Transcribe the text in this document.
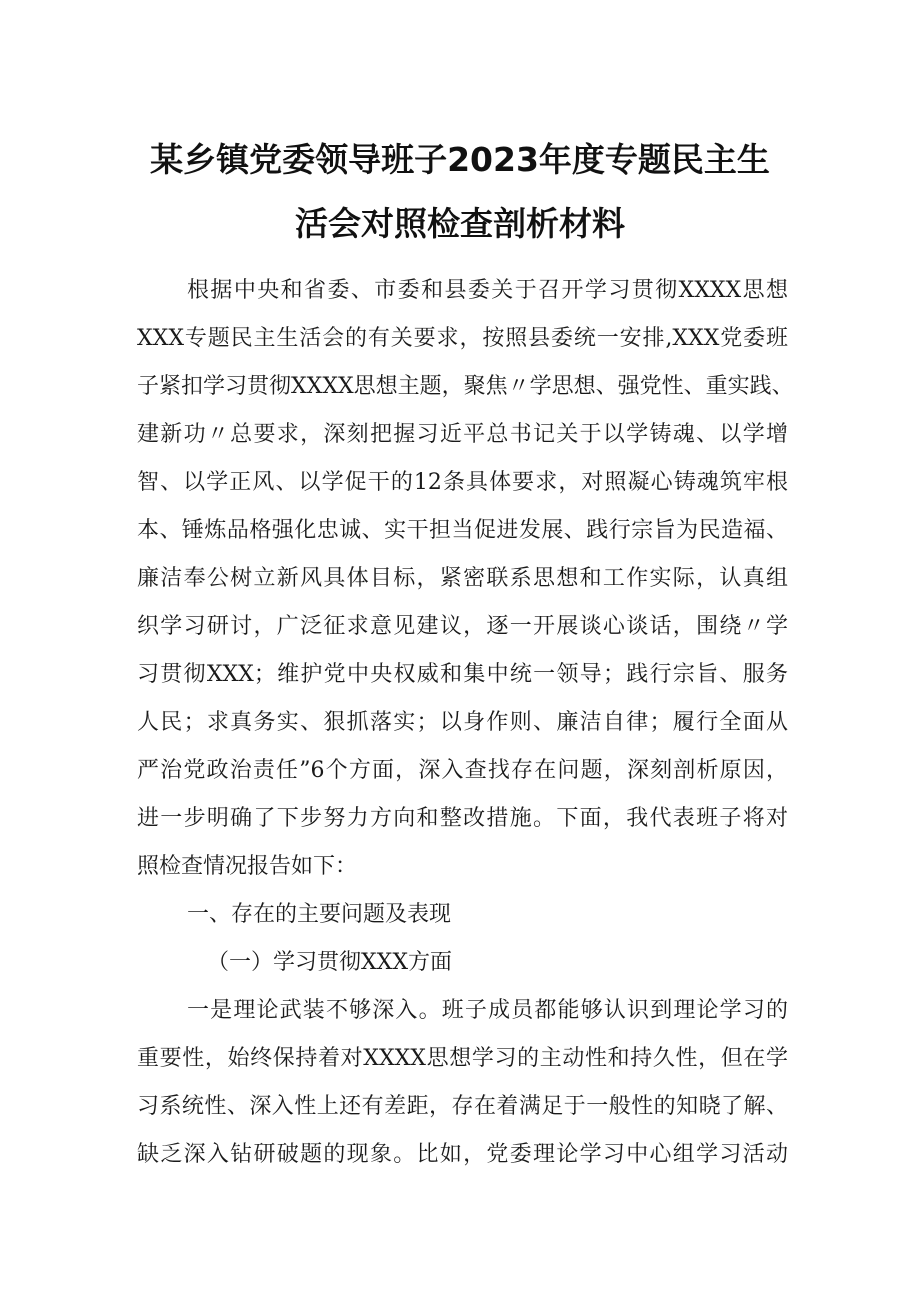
某乡镇党委领导班子2023年度专题民主生
活会对照检查剖析材料
根据中央和省委、市委和县委关于召开学习贯彻XXXX思想
XXX专题民主生活会的有关要求，按照县委统一安排,XXX党委班
子紧扣学习贯彻XXXX思想主题，聚焦〃学思想、强党性、重实践、
建新功〃总要求，深刻把握习近平总书记关于以学铸魂、以学增
智、以学正风、以学促干的12条具体要求，对照凝心铸魂筑牢根
本、锤炼品格强化忠诚、实干担当促进发展、践行宗旨为民造福、
廉洁奉公树立新风具体目标，紧密联系思想和工作实际，认真组
织学习研讨，广泛征求意见建议，逐一开展谈心谈话，围绕〃学
习贯彻XXX；维护党中央权威和集中统一领导；践行宗旨、服务
人民；求真务实、狠抓落实；以身作则、廉洁自律；履行全面从
严治党政治责任”6个方面，深入查找存在问题，深刻剖析原因，
进一步明确了下步努力方向和整改措施。下面，我代表班子将对
照检查情况报告如下：
一、存在的主要问题及表现
（一）学习贯彻XXX方面
一是理论武装不够深入。班子成员都能够认识到理论学习的
重要性，始终保持着对XXXX思想学习的主动性和持久性，但在学
习系统性、深入性上还有差距，存在着满足于一般性的知晓了解、
缺乏深入钻研破题的现象。比如，党委理论学习中心组学习活动
